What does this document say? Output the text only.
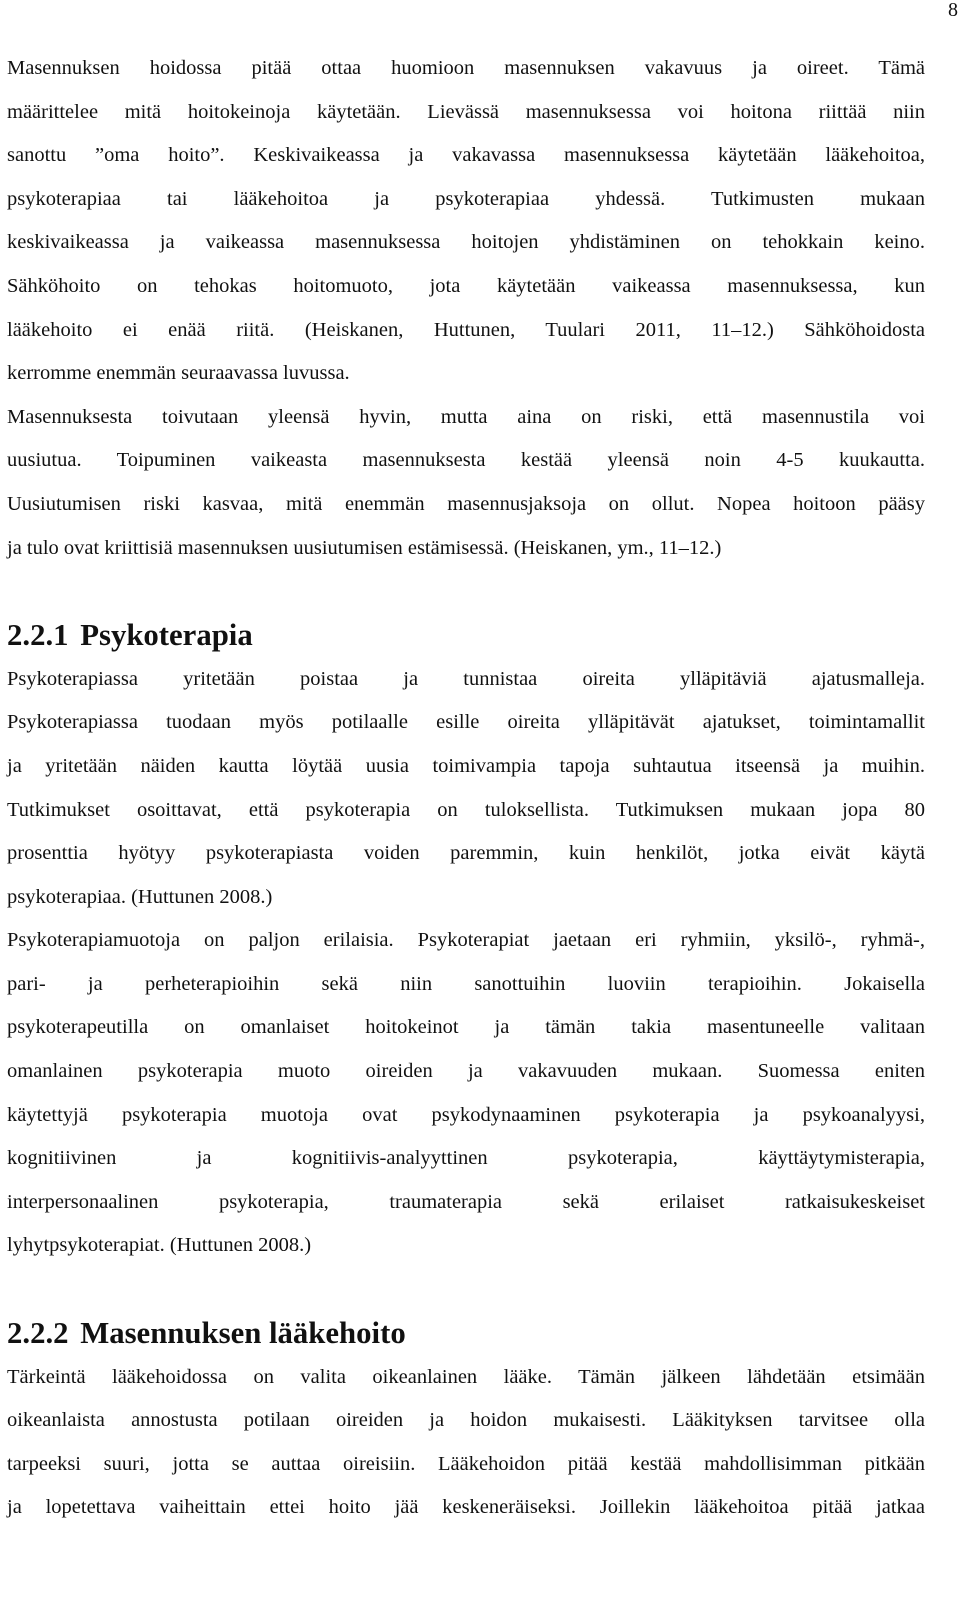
8
Masennuksen hoidossa pitää ottaa huomioon masennuksen vakavuus ja oireet. Tämä
määrittelee mitä hoitokeinoja käytetään. Lievässä masennuksessa voi hoitona riittää niin
sanottu ”oma hoito”. Keskivaikeassa ja vakavassa masennuksessa käytetään lääkehoitoa,
psykoterapiaa tai lääkehoitoa ja psykoterapiaa yhdessä. Tutkimusten mukaan
keskivaikeassa ja vaikeassa masennuksessa hoitojen yhdistäminen on tehokkain keino.
Sähköhoito on tehokas hoitomuoto, jota käytetään vaikeassa masennuksessa, kun
lääkehoito ei enää riitä. (Heiskanen, Huttunen, Tuulari 2011, 11–12.) Sähköhoidosta
kerromme enemmän seuraavassa luvussa.
Masennuksesta toivutaan yleensä hyvin, mutta aina on riski, että masennustila voi
uusiutua. Toipuminen vaikeasta masennuksesta kestää yleensä noin 4-5 kuukautta.
Uusiutumisen riski kasvaa, mitä enemmän masennusjaksoja on ollut. Nopea hoitoon pääsy
ja tulo ovat kriittisiä masennuksen uusiutumisen estämisessä. (Heiskanen, ym., 11–12.)
2.2.1 Psykoterapia
Psykoterapiassa yritetään poistaa ja tunnistaa oireita ylläpitäviä ajatusmalleja.
Psykoterapiassa tuodaan myös potilaalle esille oireita ylläpitävät ajatukset, toimintamallit
ja yritetään näiden kautta löytää uusia toimivampia tapoja suhtautua itseensä ja muihin.
Tutkimukset osoittavat, että psykoterapia on tuloksellista. Tutkimuksen mukaan jopa 80
prosenttia hyötyy psykoterapiasta voiden paremmin, kuin henkilöt, jotka eivät käytä
psykoterapiaa. (Huttunen 2008.)
Psykoterapiamuotoja on paljon erilaisia. Psykoterapiat jaetaan eri ryhmiin, yksilö-, ryhmä-,
pari- ja perheterapioihin sekä niin sanottuihin luoviin terapioihin. Jokaisella
psykoterapeutilla on omanlaiset hoitokeinot ja tämän takia masentuneelle valitaan
omanlainen psykoterapia muoto oireiden ja vakavuuden mukaan. Suomessa eniten
käytettyjä psykoterapia muotoja ovat psykodynaaminen psykoterapia ja psykoanalyysi,
kognitiivinen ja kognitiivis-analyyttinen psykoterapia, käyttäytymisterapia,
interpersonaalinen psykoterapia, traumaterapia sekä erilaiset ratkaisukeskeiset
lyhytpsykoterapiat. (Huttunen 2008.)
2.2.2 Masennuksen lääkehoito
Tärkeintä lääkehoidossa on valita oikeanlainen lääke. Tämän jälkeen lähdetään etsimään
oikeanlaista annostusta potilaan oireiden ja hoidon mukaisesti. Lääkityksen tarvitsee olla
tarpeeksi suuri, jotta se auttaa oireisiin. Lääkehoidon pitää kestää mahdollisimman pitkään
ja lopetettava vaiheittain ettei hoito jää keskeneräiseksi. Joillekin lääkehoitoa pitää jatkaa
